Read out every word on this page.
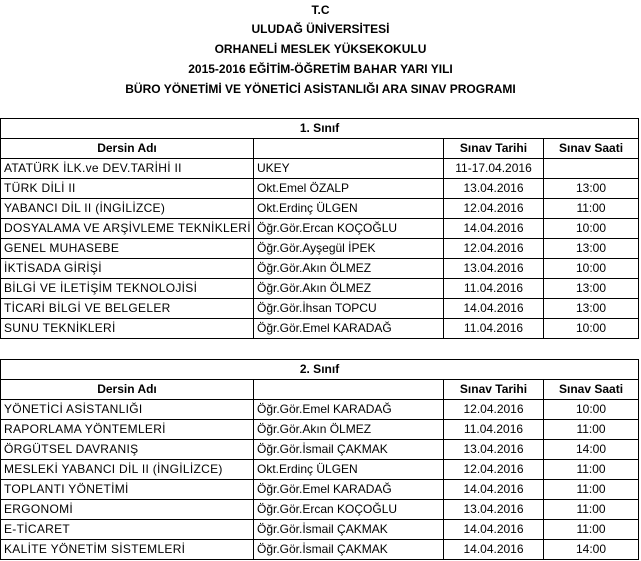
T.C
ULUDAĞ ÜNİVERSİTESİ
ORHANELİ MESLEK YÜKSEKOKULU
2015-2016 EĞİTİM-ÖĞRETİM BAHAR YARI YILI
BÜRO YÖNETİMİ VE YÖNETİCİ ASİSTANLIĞI ARA SINAV PROGRAMI
1. Sınıf			
Dersin Adı		Sınav Tarihi	Sınav Saati
ATATÜRK İLK.ve DEV.TARİHİ II	UKEY	11-17.04.2016	
TÜRK DİLİ II	Okt.Emel ÖZALP	13.04.2016	13:00
YABANCI DİL II (İNGİLİZCE)	Okt.Erdinç ÜLGEN	12.04.2016	11:00
DOSYALAMA VE ARŞİVLEME TEKNİKLERİ	Öğr.Gör.Ercan KOÇOĞLU	14.04.2016	10:00
GENEL MUHASEBE	Öğr.Gör.Ayşegül İPEK	12.04.2016	13:00
İKTİSADA GİRİŞİ	Öğr.Gör.Akın ÖLMEZ	13.04.2016	10:00
BİLGİ VE İLETİŞİM TEKNOLOJİSİ	Öğr.Gör.Akın ÖLMEZ	11.04.2016	13:00
TİCARİ BİLGİ VE BELGELER	Öğr.Gör.İhsan TOPCU	14.04.2016	13:00
SUNU TEKNİKLERİ	Öğr.Gör.Emel KARADAĞ	11.04.2016	10:00
2. Sınıf			
Dersin Adı		Sınav Tarihi	Sınav Saati
YÖNETİCİ ASİSTANLIĞI	Öğr.Gör.Emel KARADAĞ	12.04.2016	10:00
RAPORLAMA YÖNTEMLERİ	Öğr.Gör.Akın ÖLMEZ	11.04.2016	11:00
ÖRGÜTSEL DAVRANIŞ	Öğr.Gör.İsmail ÇAKMAK	13.04.2016	14:00
MESLEKİ YABANCI DİL II (İNGİLİZCE)	Okt.Erdinç ÜLGEN	12.04.2016	11:00
TOPLANTI YÖNETİMİ	Öğr.Gör.Emel KARADAĞ	14.04.2016	11:00
ERGONOMİ	Öğr.Gör.Ercan KOÇOĞLU	13.04.2016	11:00
E-TİCARET	Öğr.Gör.İsmail ÇAKMAK	14.04.2016	11:00
KALİTE YÖNETİM SİSTEMLERİ	Öğr.Gör.İsmail ÇAKMAK	14.04.2016	14:00
